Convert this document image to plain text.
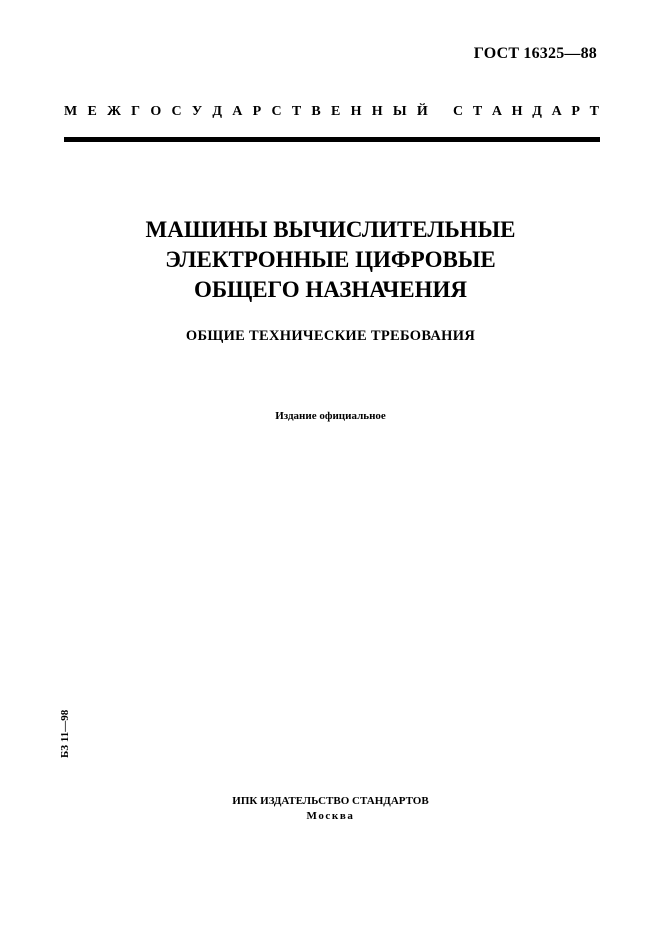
ГОСТ 16325—88
М Е Ж Г О С У Д А Р С Т В Е Н Н Ы Й С Т А Н Д А Р Т
МАШИНЫ ВЫЧИСЛИТЕЛЬНЫЕ
ЭЛЕКТРОННЫЕ ЦИФРОВЫЕ
ОБЩЕГО НАЗНАЧЕНИЯ
ОБЩИЕ ТЕХНИЧЕСКИЕ ТРЕБОВАНИЯ
Издание официальное
БЗ 11—98
ИПК ИЗДАТЕЛЬСТВО СТАНДАРТОВ
Москва
